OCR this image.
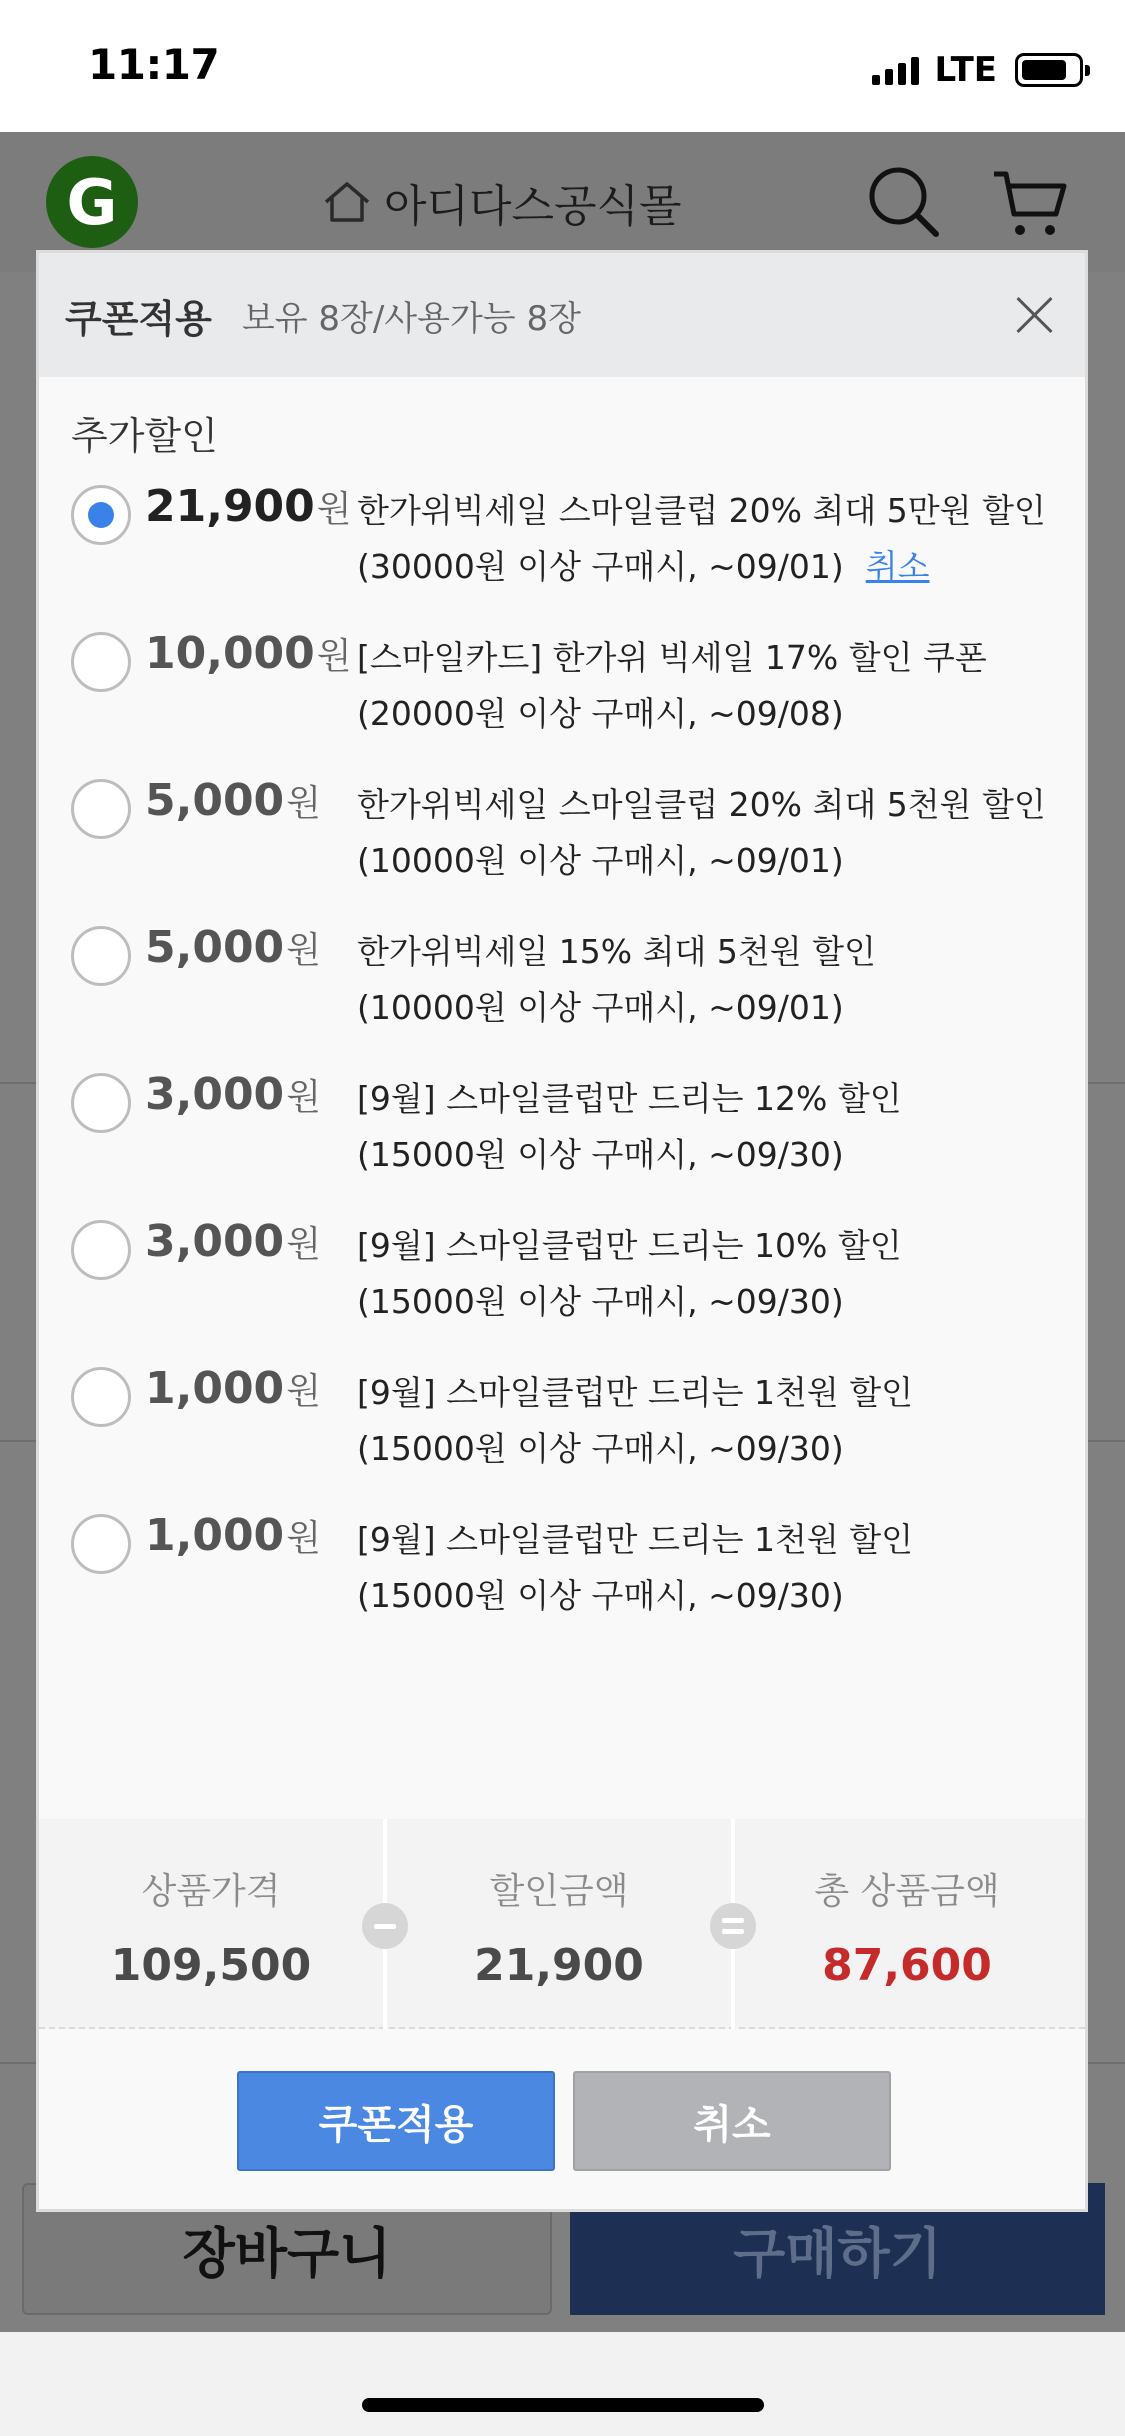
11:17	LTE
G	아디다스공식몰
장바구니	구매하기
쿠폰적용 보유 8장/사용가능 8장
추가할인
21,900원 한가위빅세일 스마일클럽 20% 최대 5만원 할인
(30000원 이상 구매시, ~09/01) 취소
10,000원 [스마일카드] 한가위 빅세일 17% 할인 쿠폰
(20000원 이상 구매시, ~09/08)
5,000원 한가위빅세일 스마일클럽 20% 최대 5천원 할인
(10000원 이상 구매시, ~09/01)
5,000원 한가위빅세일 15% 최대 5천원 할인
(10000원 이상 구매시, ~09/01)
3,000원 [9월] 스마일클럽만 드리는 12% 할인
(15000원 이상 구매시, ~09/30)
3,000원 [9월] 스마일클럽만 드리는 10% 할인
(15000원 이상 구매시, ~09/30)
1,000원 [9월] 스마일클럽만 드리는 1천원 할인
(15000원 이상 구매시, ~09/30)
1,000원 [9월] 스마일클럽만 드리는 1천원 할인
(15000원 이상 구매시, ~09/30)
상품가격
109,500
할인금액
21,900
총 상품금액
87,600
쿠폰적용	취소
